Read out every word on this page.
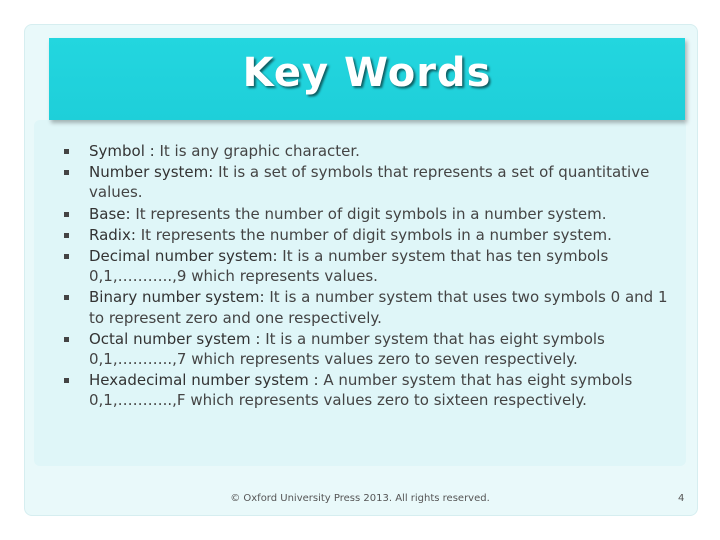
Key Words
Symbol : It is any graphic character.
Number system: It is a set of symbols that represents a set of quantitative values.
Base: It represents the number of digit symbols in a number system.
Radix: It represents the number of digit symbols in a number system.
Decimal number system: It is a number system that has ten symbols 0,1,………..,9 which represents values.
Binary number system: It is a number system that uses two symbols 0 and 1 to represent zero and one respectively.
Octal number system : It is a number system that has eight symbols 0,1,………..,7 which represents values zero to seven respectively.
Hexadecimal number system : A number system that has eight symbols 0,1,………..,F which represents values zero to sixteen respectively.
© Oxford University Press 2013. All rights reserved.	4
